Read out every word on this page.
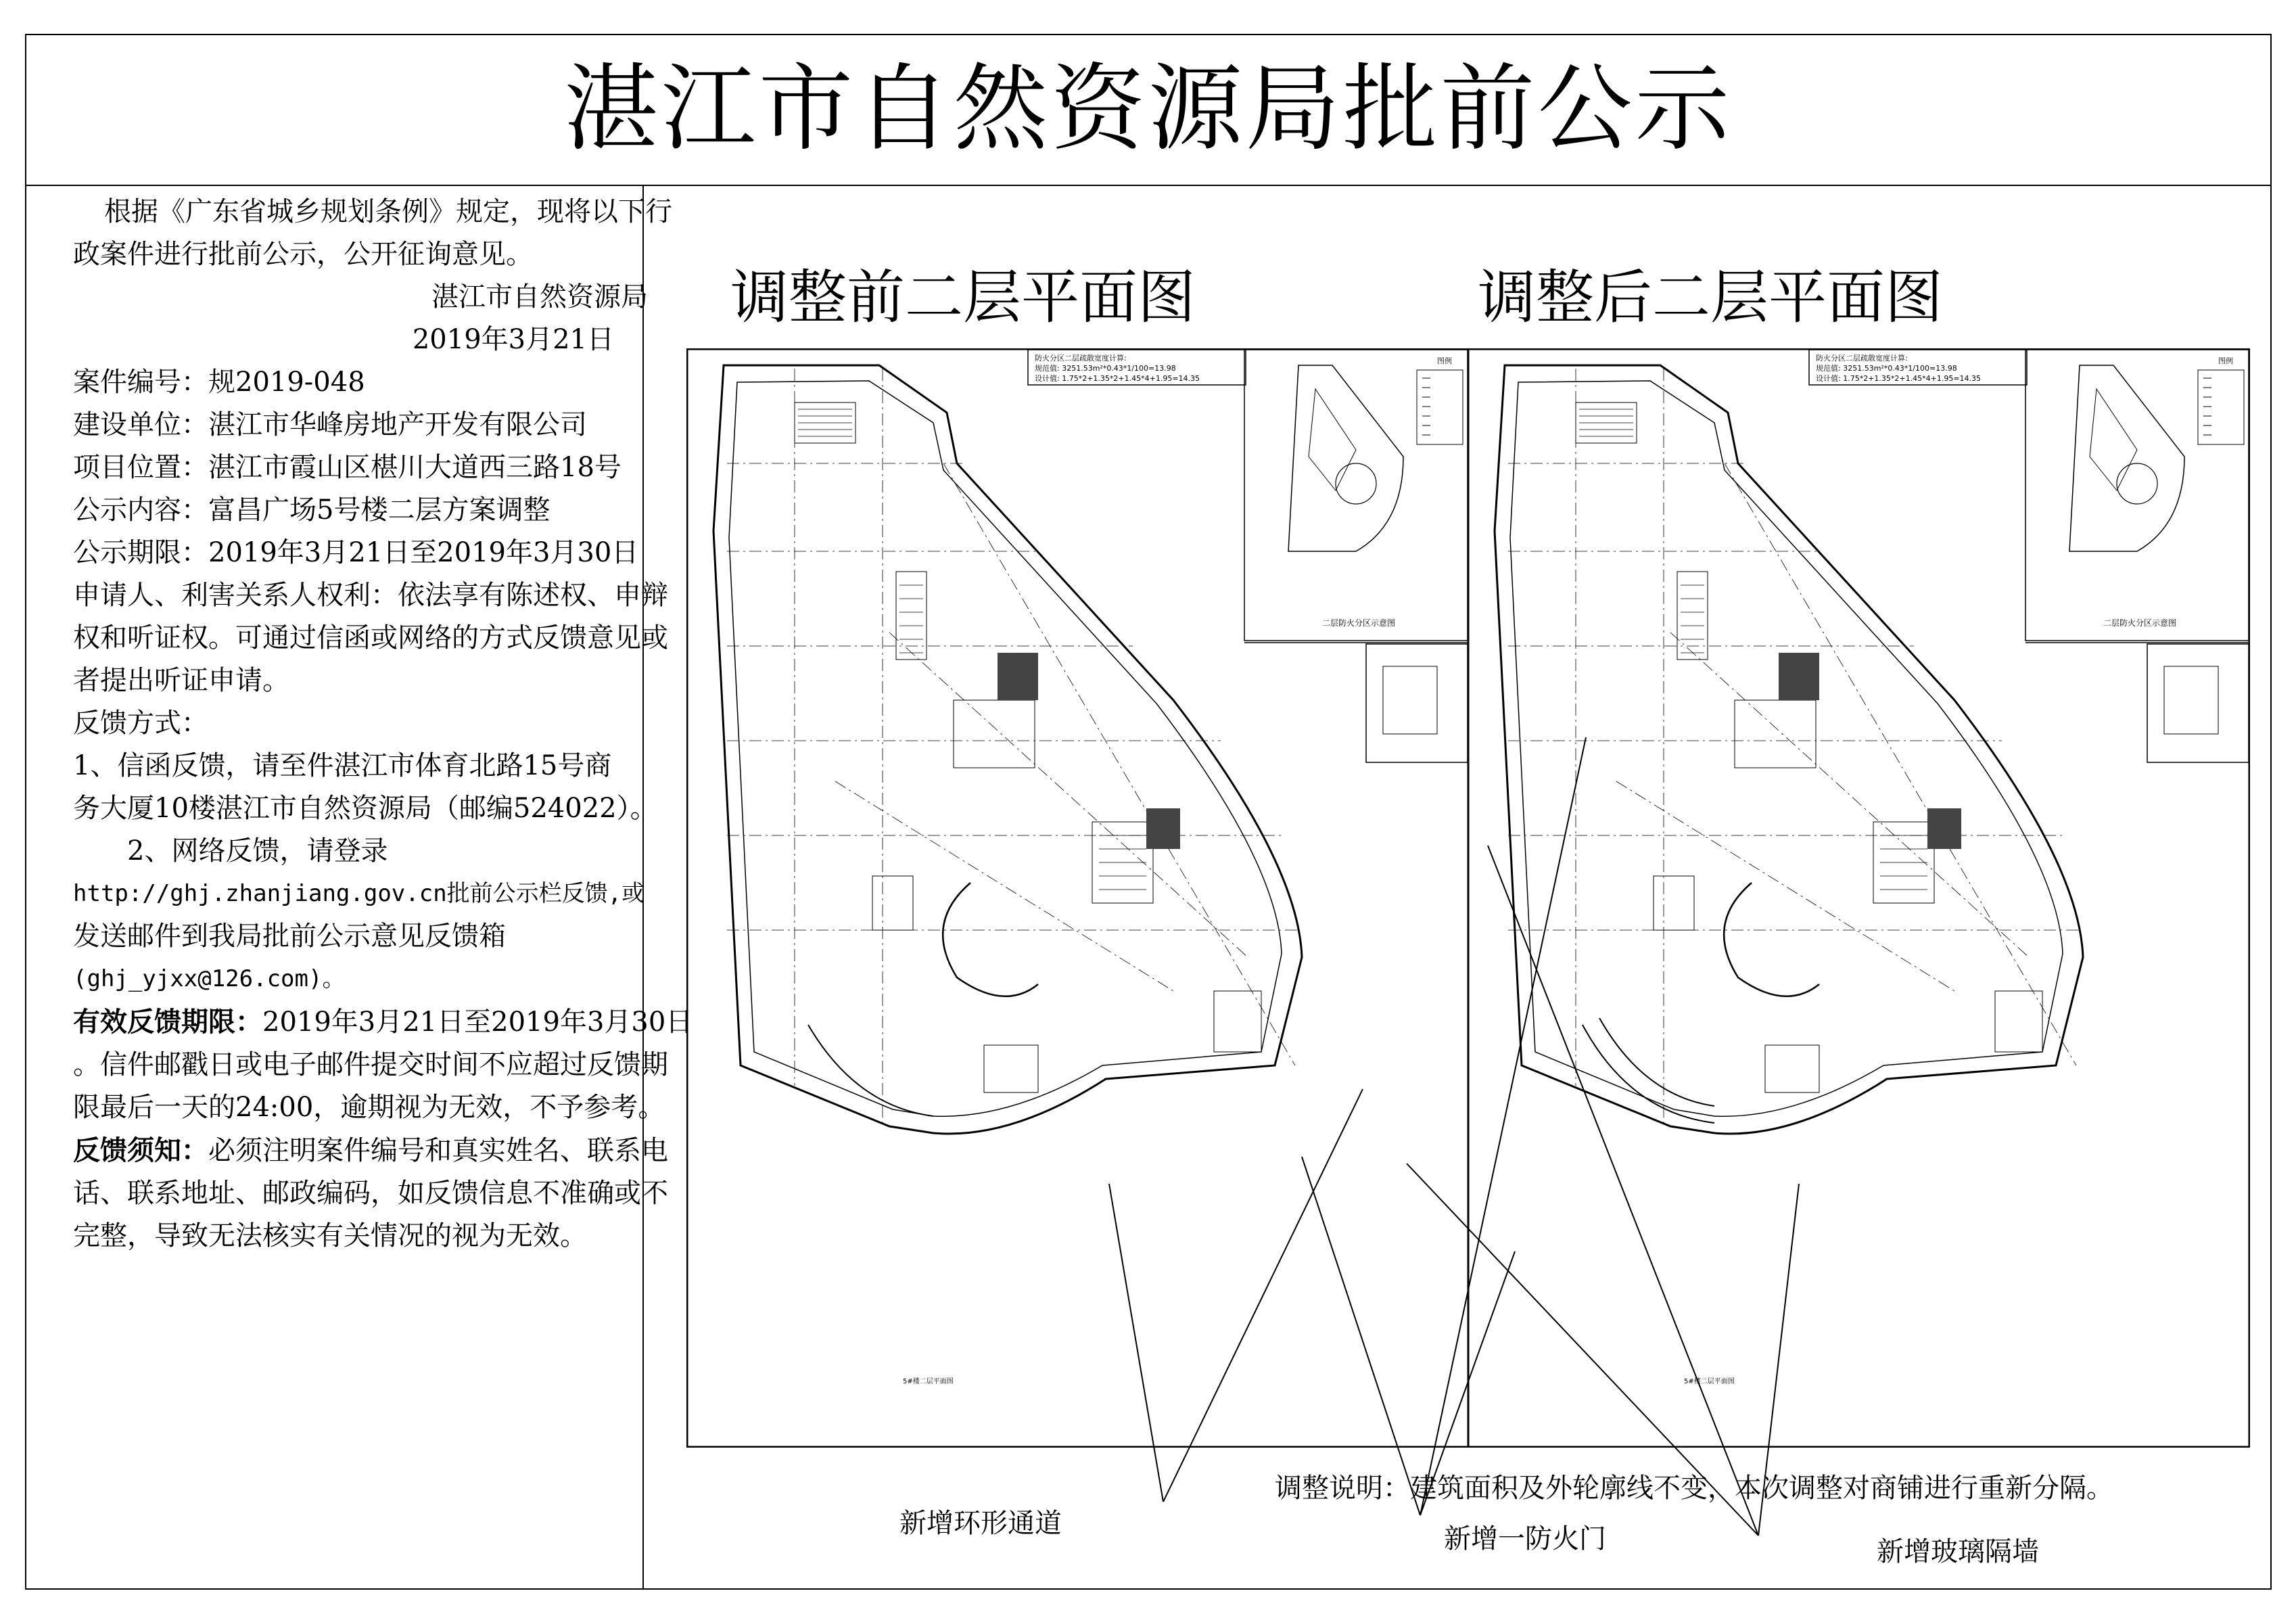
湛江市自然资源局批前公示
根据《广东省城乡规划条例》规定，现将以下行
政案件进行批前公示，公开征询意见。
湛江市自然资源局
2019年3月21日
案件编号：规2019-048
建设单位：湛江市华峰房地产开发有限公司
项目位置：湛江市霞山区椹川大道西三路18号
公示内容：富昌广场5号楼二层方案调整
公示期限：2019年3月21日至2019年3月30日
申请人、利害关系人权利：依法享有陈述权、申辩
权和听证权。可通过信函或网络的方式反馈意见或
者提出听证申请。
反馈方式：
1、信函反馈，请至件湛江市体育北路15号商
务大厦10楼湛江市自然资源局（邮编524022）。
2、网络反馈，请登录
http://ghj.zhanjiang.gov.cn批前公示栏反馈,或
发送邮件到我局批前公示意见反馈箱
(ghj_yjxx@126.com)。
有效反馈期限：2019年3月21日至2019年3月30日
。信件邮戳日或电子邮件提交时间不应超过反馈期
限最后一天的24:00，逾期视为无效，不予参考。
反馈须知：必须注明案件编号和真实姓名、联系电
话、联系地址、邮政编码，如反馈信息不准确或不
完整，导致无法核实有关情况的视为无效。
调整前二层平面图	调整后二层平面图
防火分区二层疏散宽度计算:
规范值: 3251.53m²*0.43*1/100=13.98
设计值: 1.75*2+1.35*2+1.45*4+1.95=14.35
图例
二层防火分区示意图
5#楼二层平面图
防火分区二层疏散宽度计算:
规范值: 3251.53m²*0.43*1/100=13.98
设计值: 1.75*2+1.35*2+1.45*4+1.95=14.35
图例
二层防火分区示意图
5#楼二层平面图
调整说明：建筑面积及外轮廓线不变，本次调整对商铺进行重新分隔。
新增环形通道	新增一防火门	新增玻璃隔墙
